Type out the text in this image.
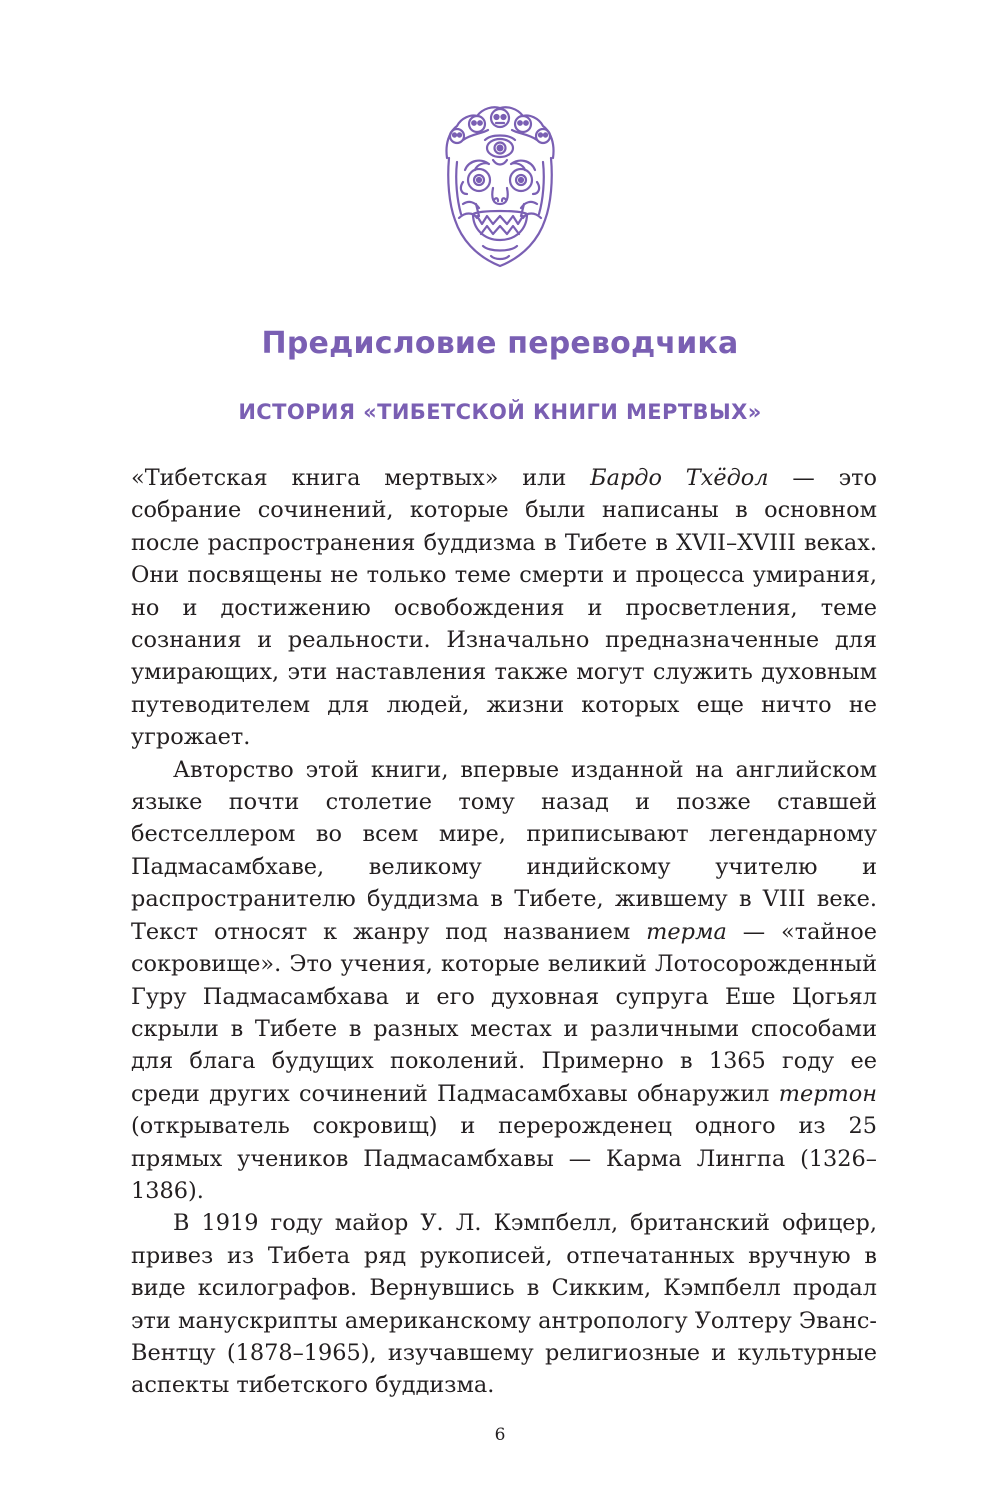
Предисловие переводчика
ИСТОРИЯ «ТИБЕТСКОЙ КНИГИ МЕРТВЫХ»

«Тибетская книга мертвых» или Бардо Тхёдол — это собрание сочинений, которые были написаны в основном после распространения буддизма в Тибете в XVII–XVIII веках. Они посвящены не только теме смерти и процесса умирания, но и достижению освобождения и просветления, теме сознания и реальности. Изначально предназначенные для умирающих, эти наставления также могут служить духовным путеводителем для людей, жизни которых еще ничто не угрожает.

Авторство этой книги, впервые изданной на английском языке почти столетие тому назад и позже ставшей бестселлером во всем мире, приписывают легендарному Падмасамбхаве, великому индийскому учителю и распространителю буддизма в Тибете, жившему в VIII веке. Текст относят к жанру под названием терма — «тайное сокровище». Это учения, которые великий Лотосорожденный Гуру Падмасамбхава и его духовная супруга Еше Цогьял скрыли в Тибете в разных местах и различными способами для блага будущих поколений. Примерно в 1365 году ее среди других сочинений Падмасамбхавы обнаружил тертон (открыватель сокровищ) и перерожденец одного из 25 прямых учеников Падмасамбхавы — Карма Лингпа (1326–1386).

В 1919 году майор У. Л. Кэмпбелл, британский офицер, привез из Тибета ряд рукописей, отпечатанных вручную в виде ксилографов. Вернувшись в Сикким, Кэмпбелл продал эти манускрипты американскому антропологу Уолтеру Эванс-Вентцу (1878–1965), изучавшему религиозные и культурные аспекты тибетского буддизма.

6
